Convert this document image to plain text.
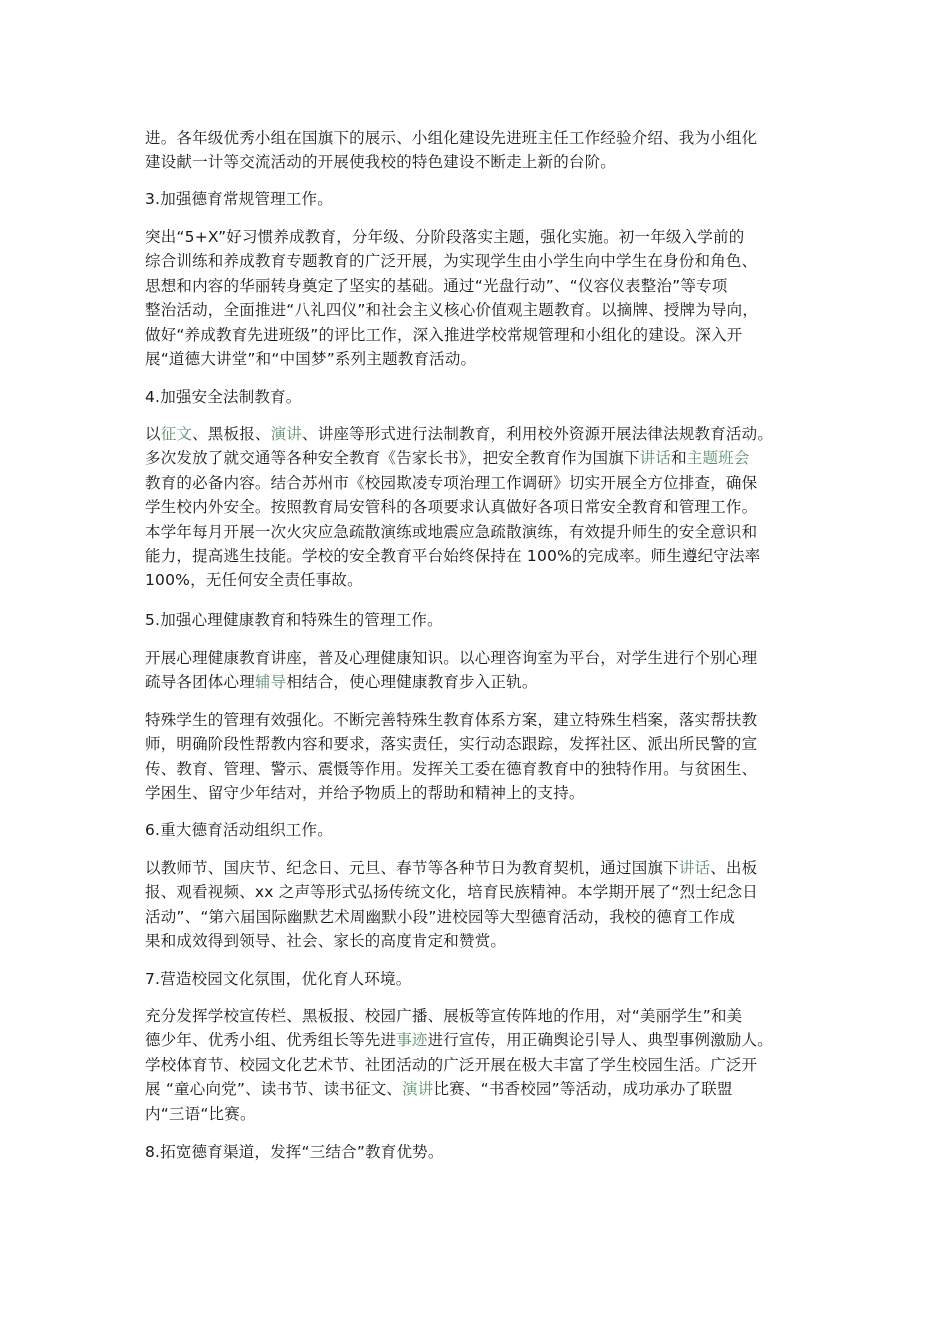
进。各年级优秀小组在国旗下的展示、小组化建设先进班主任工作经验介绍、我为小组化
建设献一计等交流活动的开展使我校的特色建设不断走上新的台阶。
3.加强德育常规管理工作。
突出“5+X”好习惯养成教育，分年级、分阶段落实主题，强化实施。初一年级入学前的
综合训练和养成教育专题教育的广泛开展，为实现学生由小学生向中学生在身份和角色、
思想和内容的华丽转身奠定了坚实的基础。通过“光盘行动”、“仪容仪表整治”等专项
整治活动，全面推进“八礼四仪”和社会主义核心价值观主题教育。以摘牌、授牌为导向，
做好“养成教育先进班级”的评比工作，深入推进学校常规管理和小组化的建设。深入开
展“道德大讲堂”和“中国梦”系列主题教育活动。
4.加强安全法制教育。
以征文、黑板报、演讲、讲座等形式进行法制教育，利用校外资源开展法律法规教育活动。
多次发放了就交通等各种安全教育《告家长书》，把安全教育作为国旗下讲话和主题班会
教育的必备内容。结合苏州市《校园欺凌专项治理工作调研》切实开展全方位排查，确保
学生校内外安全。按照教育局安管科的各项要求认真做好各项日常安全教育和管理工作。
本学年每月开展一次火灾应急疏散演练或地震应急疏散演练，有效提升师生的安全意识和
能力，提高逃生技能。学校的安全教育平台始终保持在 100%的完成率。师生遵纪守法率
100%，无任何安全责任事故。
5.加强心理健康教育和特殊生的管理工作。
开展心理健康教育讲座，普及心理健康知识。以心理咨询室为平台，对学生进行个别心理
疏导各团体心理辅导相结合，使心理健康教育步入正轨。
特殊学生的管理有效强化。不断完善特殊生教育体系方案，建立特殊生档案，落实帮扶教
师，明确阶段性帮教内容和要求，落实责任，实行动态跟踪，发挥社区、派出所民警的宣
传、教育、管理、警示、震慑等作用。发挥关工委在德育教育中的独特作用。与贫困生、
学困生、留守少年结对，并给予物质上的帮助和精神上的支持。
6.重大德育活动组织工作。
以教师节、国庆节、纪念日、元旦、春节等各种节日为教育契机，通过国旗下讲话、出板
报、观看视频、xx 之声等形式弘扬传统文化，培育民族精神。本学期开展了“烈士纪念日
活动”、“第六届国际幽默艺术周幽默小段”进校园等大型德育活动，我校的德育工作成
果和成效得到领导、社会、家长的高度肯定和赞赏。
7.营造校园文化氛围，优化育人环境。
充分发挥学校宣传栏、黑板报、校园广播、展板等宣传阵地的作用，对“美丽学生”和美
德少年、优秀小组、优秀组长等先进事迹进行宣传，用正确舆论引导人、典型事例激励人。
学校体育节、校园文化艺术节、社团活动的广泛开展在极大丰富了学生校园生活。广泛开
展 “童心向党”、读书节、读书征文、演讲比赛、“书香校园”等活动，成功承办了联盟
内“三语“比赛。
8.拓宽德育渠道，发挥“三结合”教育优势。
